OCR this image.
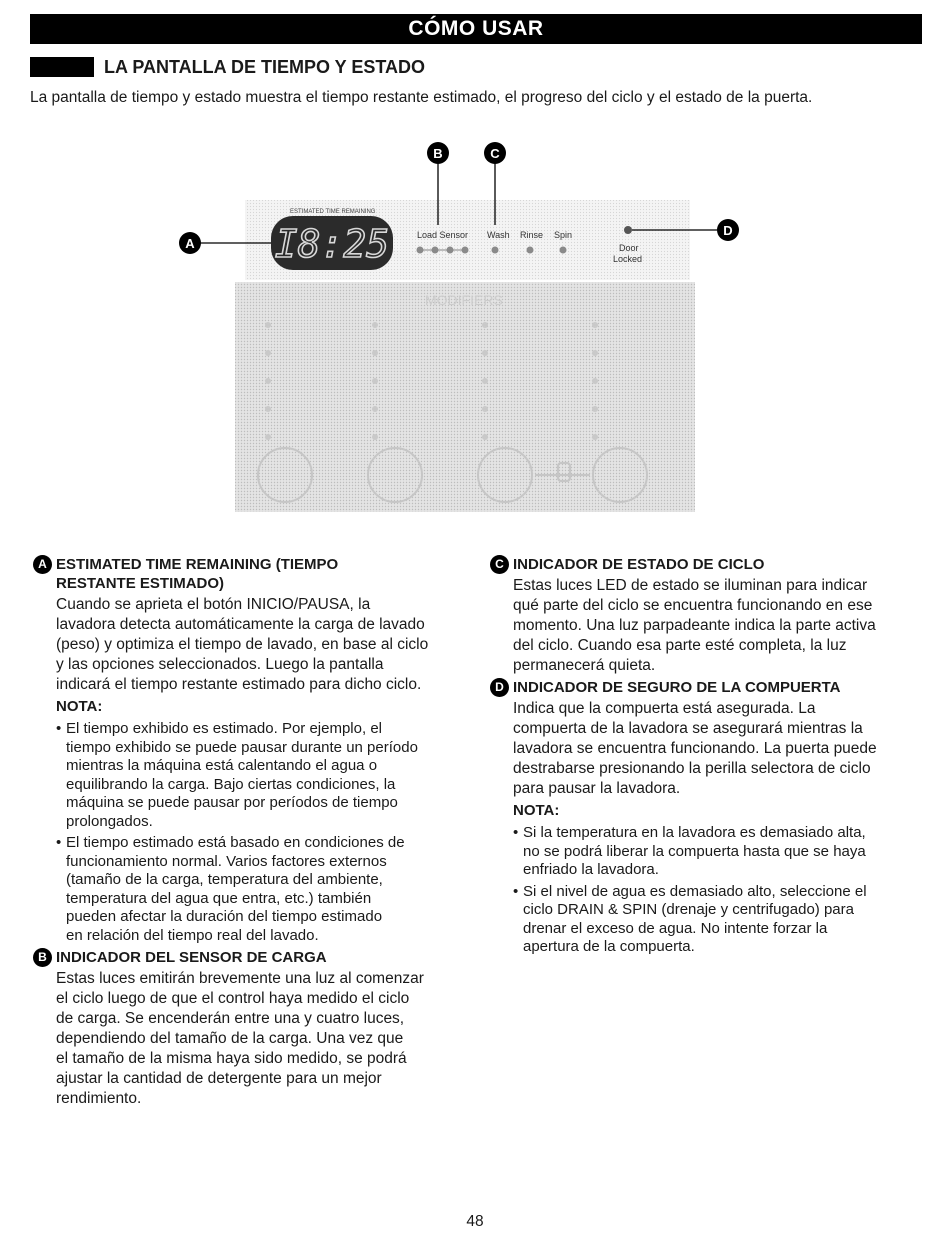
CÓMO USAR
LA PANTALLA DE TIEMPO Y ESTADO
La pantalla de tiempo y estado muestra el tiempo restante estimado, el progreso del ciclo y el estado de la puerta.
MODIFIERS
ESTIMATED TIME REMAINING
I8:25	Load Sensor Wash Rinse Spin
Door
Locked
A
B	C
D
A ESTIMATED TIME REMAINING (TIEMPO
RESTANTE ESTIMADO)
Cuando se aprieta el botón INICIO/PAUSA, la
lavadora detecta automáticamente la carga de lavado
(peso) y optimiza el tiempo de lavado, en base al ciclo
y las opciones seleccionados. Luego la pantalla
indicará el tiempo restante estimado para dicho ciclo.
NOTA:
• El tiempo exhibido es estimado. Por ejemplo, el
tiempo exhibido se puede pausar durante un período
mientras la máquina está calentando el agua o
equilibrando la carga. Bajo ciertas condiciones, la
máquina se puede pausar por períodos de tiempo
prolongados.
• El tiempo estimado está basado en condiciones de
funcionamiento normal. Varios factores externos
(tamaño de la carga, temperatura del ambiente,
temperatura del agua que entra, etc.) también
pueden afectar la duración del tiempo estimado
en relación del tiempo real del lavado.
B INDICADOR DEL SENSOR DE CARGA
Estas luces emitirán brevemente una luz al comenzar
el ciclo luego de que el control haya medido el ciclo
de carga. Se encenderán entre una y cuatro luces,
dependiendo del tamaño de la carga. Una vez que
el tamaño de la misma haya sido medido, se podrá
ajustar la cantidad de detergente para un mejor
rendimiento.
C INDICADOR DE ESTADO DE CICLO
Estas luces LED de estado se iluminan para indicar
qué parte del ciclo se encuentra funcionando en ese
momento. Una luz parpadeante indica la parte activa
del ciclo. Cuando esa parte esté completa, la luz
permanecerá quieta.
D INDICADOR DE SEGURO DE LA COMPUERTA
Indica que la compuerta está asegurada. La
compuerta de la lavadora se asegurará mientras la
lavadora se encuentra funcionando. La puerta puede
destrabarse presionando la perilla selectora de ciclo
para pausar la lavadora.
NOTA:
• Si la temperatura en la lavadora es demasiado alta,
no se podrá liberar la compuerta hasta que se haya
enfriado la lavadora.
• Si el nivel de agua es demasiado alto, seleccione el
ciclo DRAIN & SPIN (drenaje y centrifugado) para
drenar el exceso de agua. No intente forzar la
apertura de la compuerta.
48
